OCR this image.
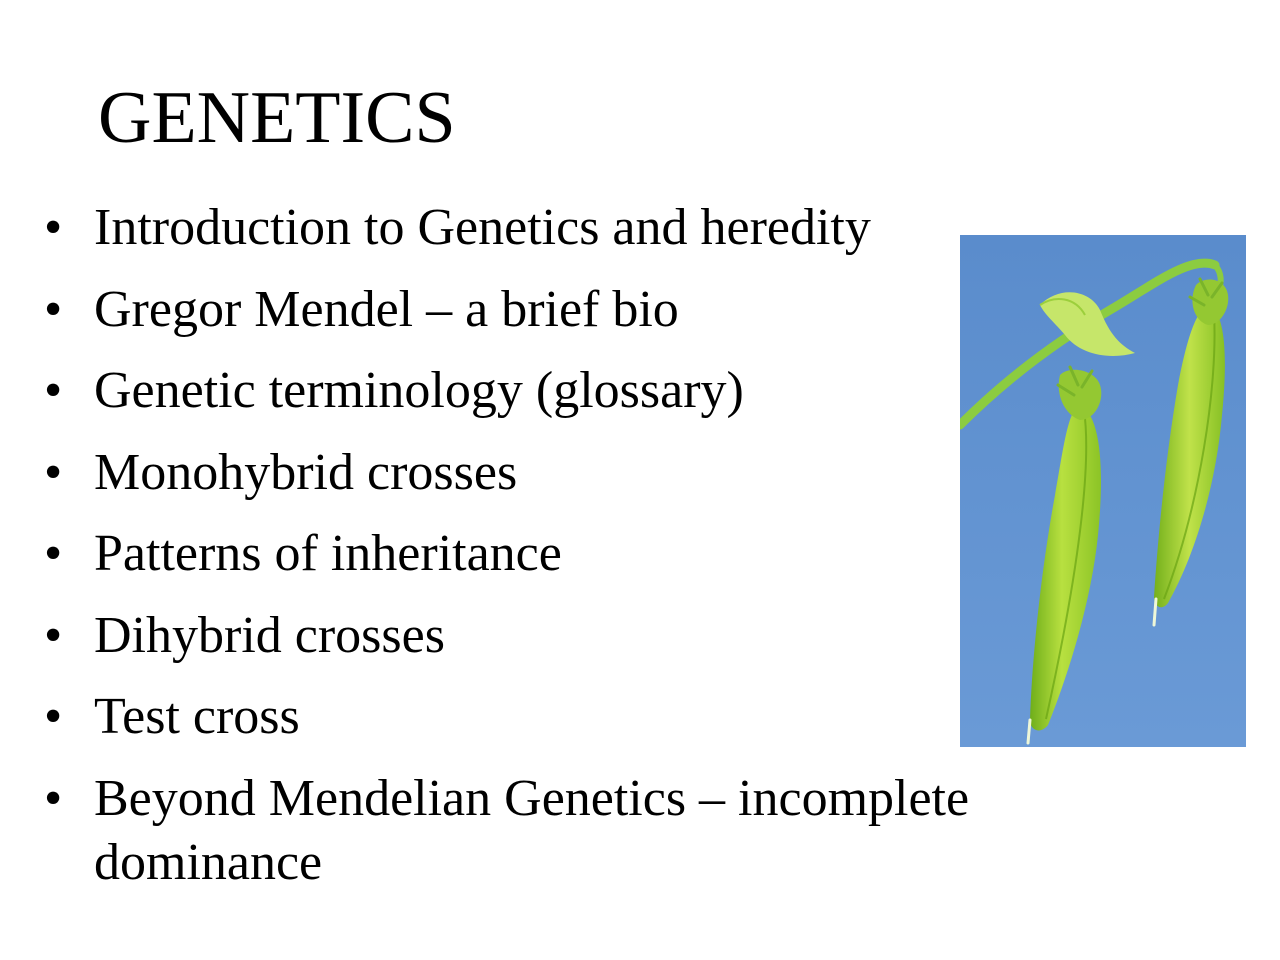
GENETICS
• Introduction to Genetics and heredity
• Gregor Mendel – a brief bio
• Genetic terminology (glossary)
• Monohybrid crosses
• Patterns of inheritance
• Dihybrid crosses
• Test cross
• Beyond Mendelian Genetics – incomplete dominance
